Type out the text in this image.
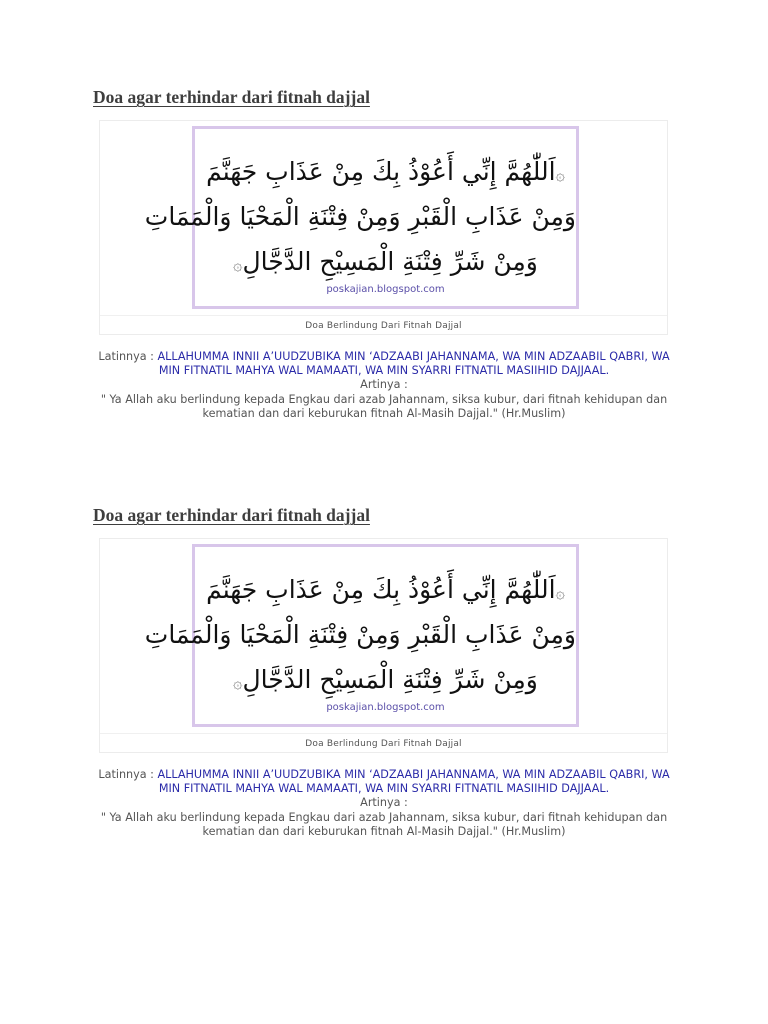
Doa agar terhindar dari fitnah dajjal
۞اَللّٰهُمَّ إِنِّي أَعُوْذُ بِكَ مِنْ عَذَابِ جَهَنَّمَ
وَمِنْ عَذَابِ الْقَبْرِ وَمِنْ فِتْنَةِ الْمَحْيَا وَالْمَمَاتِ
وَمِنْ شَرِّ فِتْنَةِ الْمَسِيْحِ الدَّجَّالِ۞
poskajian.blogspot.com
Doa Berlindung Dari Fitnah Dajjal
Latinnya : ALLAHUMMA INNII A’UUDZUBIKA MIN ‘ADZAABI JAHANNAMA, WA MIN ADZAABIL QABRI, WA MIN FITNATIL MAHYA WAL MAMAATI, WA MIN SYARRI FITNATIL MASIIHID DAJJAAL.
Artinya :
" Ya Allah aku berlindung kepada Engkau dari azab Jahannam, siksa kubur, dari fitnah kehidupan dan kematian dan dari keburukan fitnah Al-Masih Dajjal." (Hr.Muslim)
Doa agar terhindar dari fitnah dajjal
۞اَللّٰهُمَّ إِنِّي أَعُوْذُ بِكَ مِنْ عَذَابِ جَهَنَّمَ
وَمِنْ عَذَابِ الْقَبْرِ وَمِنْ فِتْنَةِ الْمَحْيَا وَالْمَمَاتِ
وَمِنْ شَرِّ فِتْنَةِ الْمَسِيْحِ الدَّجَّالِ۞
poskajian.blogspot.com
Doa Berlindung Dari Fitnah Dajjal
Latinnya : ALLAHUMMA INNII A’UUDZUBIKA MIN ‘ADZAABI JAHANNAMA, WA MIN ADZAABIL QABRI, WA MIN FITNATIL MAHYA WAL MAMAATI, WA MIN SYARRI FITNATIL MASIIHID DAJJAAL.
Artinya :
" Ya Allah aku berlindung kepada Engkau dari azab Jahannam, siksa kubur, dari fitnah kehidupan dan kematian dan dari keburukan fitnah Al-Masih Dajjal." (Hr.Muslim)
